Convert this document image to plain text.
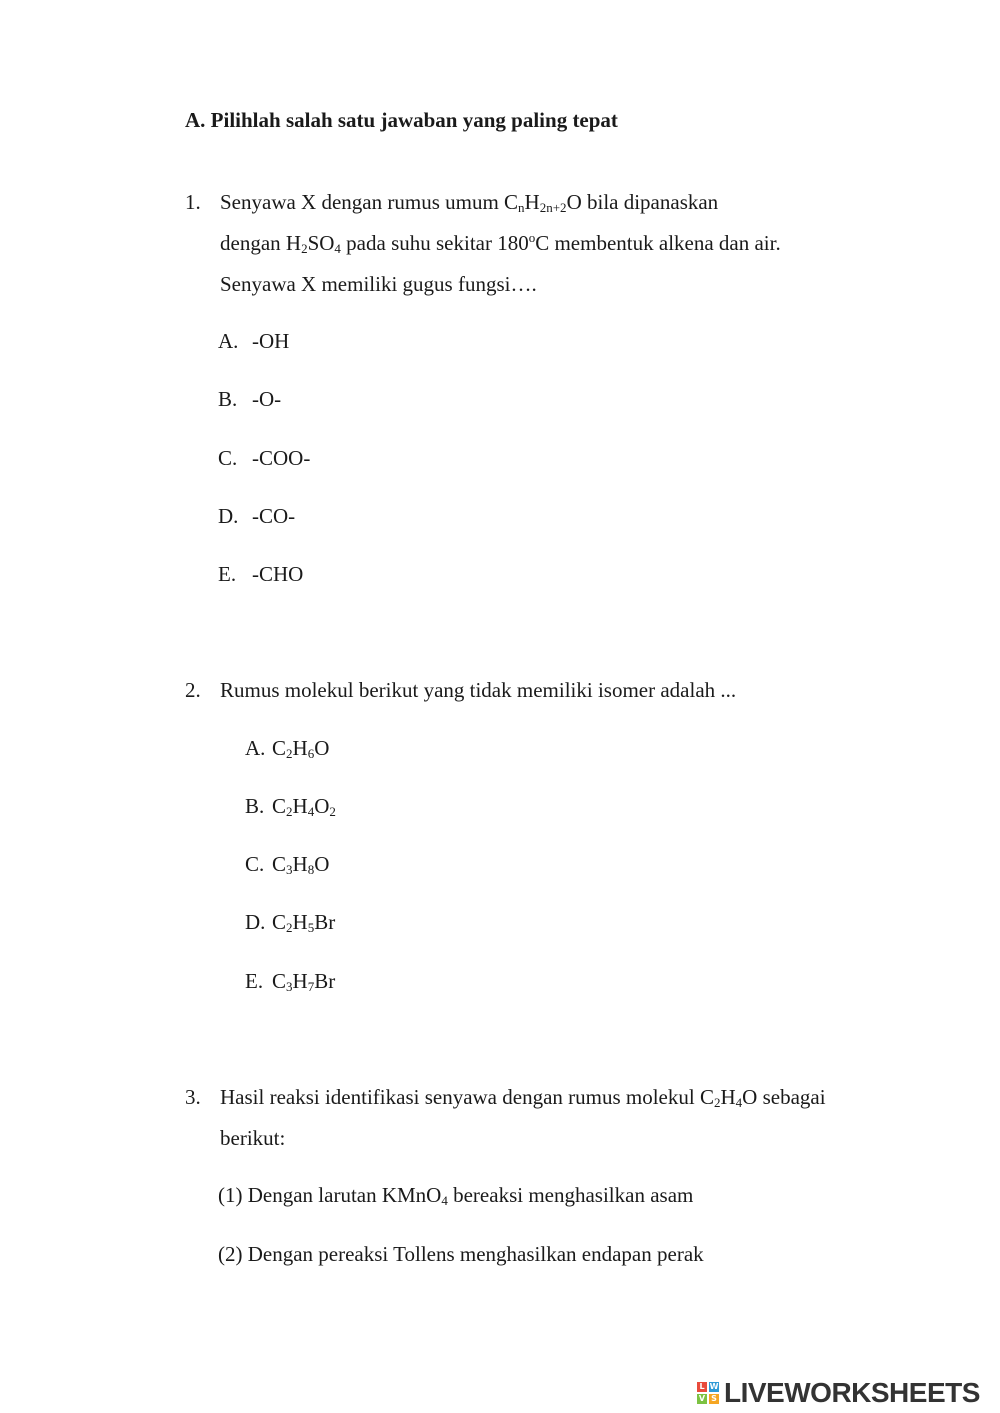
A. Pilihlah salah satu jawaban yang paling tepat
1. Senyawa X dengan rumus umum $C_nH_{2n+2}O$ bila dipanaskan
dengan $H_2SO_4$ pada suhu sekitar 180$^o$C membentuk alkena dan air.
Senyawa X memiliki gugus fungsi….
A. -OH
B. -O-
C. -COO-
D. -CO-
E. -CHO
2. Rumus molekul berikut yang tidak memiliki isomer adalah ...
A. $C_2H_6O$
B. $C_2H_4O_2$
C. $C_3H_8O$
D. $C_2H_5Br$
E. $C_3H_7Br$
3. Hasil reaksi identifikasi senyawa dengan rumus molekul $C_2H_4O$ sebagai
berikut:
(1) Dengan larutan KMnO$_4$ bereaksi menghasilkan asam
(2) Dengan pereaksi Tollens menghasilkan endapan perak
L W
V S LIVEWORKSHEETS
